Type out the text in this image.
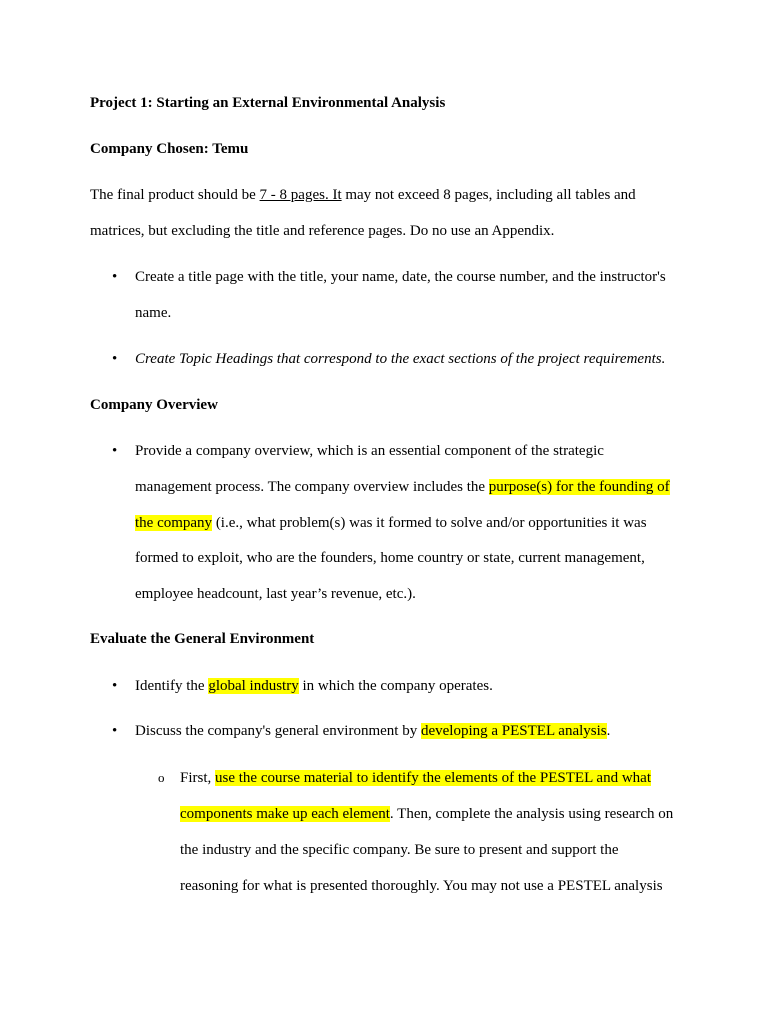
Project 1: Starting an External Environmental Analysis
Company Chosen: Temu
The final product should be 7 - 8 pages. It may not exceed 8 pages, including all tables and
matrices, but excluding the title and reference pages. Do no use an Appendix.
• Create a title page with the title, your name, date, the course number, and the instructor's
name.
• Create Topic Headings that correspond to the exact sections of the project requirements.
Company Overview
• Provide a company overview, which is an essential component of the strategic
management process. The company overview includes the purpose(s) for the founding of
the company (i.e., what problem(s) was it formed to solve and/or opportunities it was
formed to exploit, who are the founders, home country or state, current management,
employee headcount, last year’s revenue, etc.).
Evaluate the General Environment
• Identify the global industry in which the company operates.
• Discuss the company's general environment by developing a PESTEL analysis.
o First, use the course material to identify the elements of the PESTEL and what
components make up each element. Then, complete the analysis using research on
the industry and the specific company. Be sure to present and support the
reasoning for what is presented thoroughly. You may not use a PESTEL analysis
